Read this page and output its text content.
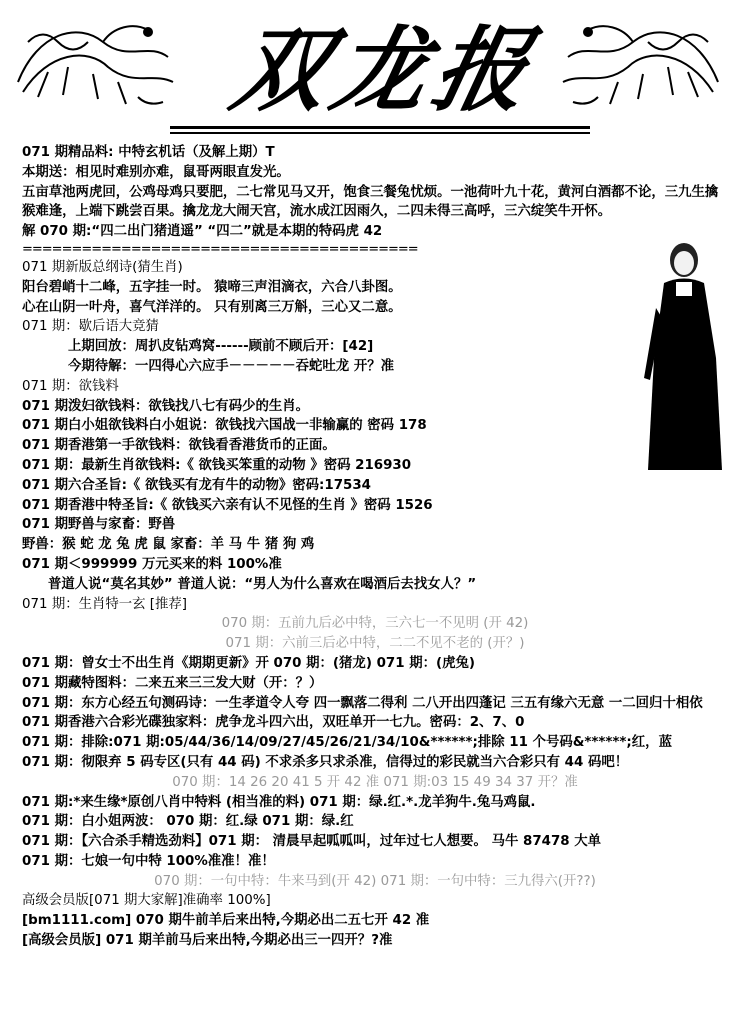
双龙报
071 期精品料: 中特玄机话（及解上期）T
本期送：相见时难别亦难，鼠哥两眼直发光。
五亩草池两虎回，公鸡母鸡只要肥，二七常见马又开，饱食三餐兔忧烦。一池荷叶九十花，黄河白酒都不论，三九生擒猴难逢，上端下跳尝百果。擒龙龙大闹天宫，流水成江因雨久，二四未得三高呼，三六绽笑牛开怀。
解 070 期:“四二出门猪逍遥” “四二”就是本期的特码虎 42
========================================
071 期新版总纲诗(猜生肖)
阳台碧峭十二峰，五字挂一时。 猿啼三声泪滴衣，六合八卦图。
心在山阴一叶舟，喜气洋洋的。 只有别离三万斛，三心又二意。
071 期：歇后语大竞猜
上期回放：周扒皮钻鸡窝------顾前不顾后开：[42]
今期待解：一四得心六应手－－－－－吞蛇吐龙 开？准
071 期：欲钱料
071 期泼妇欲钱料：欲钱找八七有码少的生肖。
071 期白小姐欲钱料白小姐说：欲钱找六国战一非输赢的 密码 178
071 期香港第一手欲钱料：欲钱看香港货币的正面。
071 期：最新生肖欲钱料:《 欲钱买笨重的动物 》密码 216930
071 期六合圣旨:《 欲钱买有龙有牛的动物》密码:17534
071 期香港中特圣旨:《 欲钱买六亲有认不见怪的生肖 》密码 1526
071 期野兽与家畜：野兽
野兽：猴 蛇 龙 兔 虎 鼠 家畜：羊 马 牛 猪 狗 鸡
071 期＜999999 万元买来的料 100%准
普道人说“莫名其妙” 普道人说：“男人为什么喜欢在喝酒后去找女人？”
071 期：生肖特一玄 [推荐]
070 期：五前九后必中特，三六七一不见明 (开 42)
071 期：六前三后必中特，二二不见不老的 (开？)
071 期：曾女士不出生肖《期期更新》开 070 期：(猪龙) 071 期：(虎兔)
071 期藏特图料：二来五来三三发大财（开：？）
071 期：东方心经五句测码诗：一生孝道令人夸 四一飘落二得利 二八开出四蓬记 三五有缘六无意 一二回归十相依
071 期香港六合彩光碟独家料：虎争龙斗四六出，双旺单开一七九。密码：2、7、0
071 期：排除:071 期:05/44/36/14/09/27/45/26/21/34/10&******;排除 11 个号码&******;红，蓝
071 期：彻限弃 5 码专区(只有 44 码) 不求杀多只求杀准，信得过的彩民就当六合彩只有 44 码吧！
070 期：14 26 20 41 5 开 42 准 071 期:03 15 49 34 37 开？准
071 期:*来生缘*原创八肖中特料 (相当准的料) 071 期：绿.红.*.龙羊狗牛.兔马鸡鼠.
071 期：白小姐两波： 070 期：红.绿 071 期：绿.红
071 期：【六合杀手精选劲料】071 期： 清晨早起呱呱叫，过年过七人想要。 马牛 87478 大单
071 期：七娘一句中特 100%准准！准！
070 期：一句中特：牛来马到(开 42) 071 期：一句中特：三九得六(开??)
高级会员版[071 期大家解]准确率 100%]
[bm1111.com] 070 期牛前羊后来出特,今期必出二五七开 42 准
[高级会员版] 071 期羊前马后来出特,今期必出三一四开？?准
